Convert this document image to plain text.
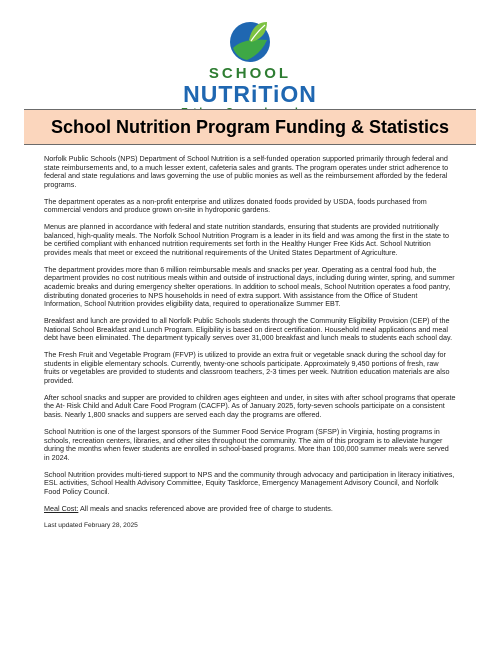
SCHOOL
NUTRiTiON
School Nutrition Program Funding & Statistics

Norfolk Public Schools (NPS) Department of School Nutrition is a self-funded operation supported primarily through federal and state reimbursements and, to a much lesser extent, cafeteria sales and grants. The program operates under strict adherence to federal and state regulations and laws governing the use of public monies as well as the reimbursement afforded by the federal programs.

The department operates as a non-profit enterprise and utilizes donated foods provided by USDA, foods purchased from commercial vendors and produce grown on-site in hydroponic gardens.

Menus are planned in accordance with federal and state nutrition standards, ensuring that students are provided nutritionally balanced, high-quality meals. The Norfolk School Nutrition Program is a leader in its field and was among the first in the state to be certified compliant with enhanced nutrition requirements set forth in the Healthy Hunger Free Kids Act. School Nutrition provides meals that meet or exceed the nutritional requirements of the United States Department of Agriculture.

The department provides more than 6 million reimbursable meals and snacks per year. Operating as a central food hub, the department provides no cost nutritious meals within and outside of instructional days, including during winter, spring, and summer academic breaks and during emergency shelter operations. In addition to school meals, School Nutrition operates a food pantry, distributing donated groceries to NPS households in need of extra support. With assistance from the Office of Student Information, School Nutrition provides eligibility data, required to operationalize Summer EBT.

Breakfast and lunch are provided to all Norfolk Public Schools students through the Community Eligibility Provision (CEP) of the National School Breakfast and Lunch Program. Eligibility is based on direct certification. Household meal applications and meal debt have been eliminated. The department typically serves over 31,000 breakfast and lunch meals to students each school day.

The Fresh Fruit and Vegetable Program (FFVP) is utilized to provide an extra fruit or vegetable snack during the school day for students in eligible elementary schools. Currently, twenty-one schools participate. Approximately 9,450 portions of fresh, raw fruits or vegetables are provided to students and classroom teachers, 2-3 times per week. Nutrition education materials are also provided.

After school snacks and supper are provided to children ages eighteen and under, in sites with after school programs that operate the At- Risk Child and Adult Care Food Program (CACFP). As of January 2025, forty-seven schools participate on a consistent basis. Nearly 1,800 snacks and suppers are served each day the programs are offered.

School Nutrition is one of the largest sponsors of the Summer Food Service Program (SFSP) in Virginia, hosting programs in schools, recreation centers, libraries, and other sites throughout the community. The aim of this program is to alleviate hunger during the months when fewer students are enrolled in school-based programs. More than 100,000 summer meals were served in 2024.

School Nutrition provides multi-tiered support to NPS and the community through advocacy and participation in literacy initiatives, ESL activities, School Health Advisory Committee, Equity Taskforce, Emergency Management Advisory Council, and Norfolk Food Policy Council.

Meal Cost: All meals and snacks referenced above are provided free of charge to students.

Last updated February 28, 2025
